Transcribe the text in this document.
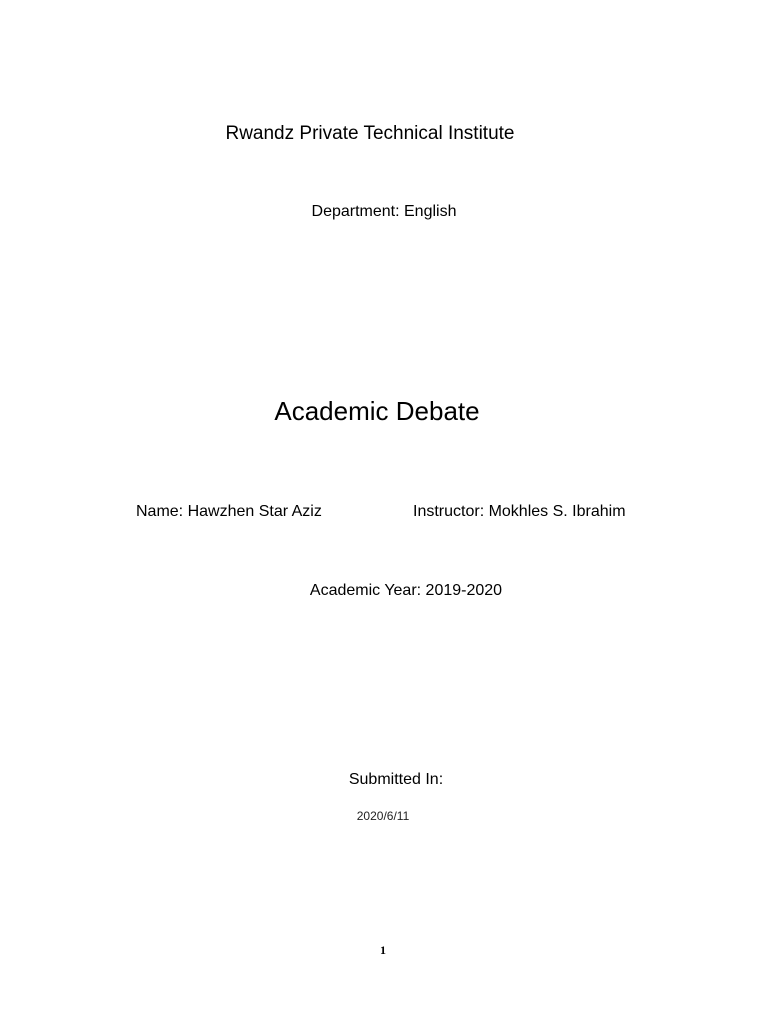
Rwandz Private Technical Institute
Department: English
Academic Debate
Name: Hawzhen Star Aziz	Instructor: Mokhles S. Ibrahim
Academic Year: 2019-2020
Submitted In:
2020/6/11
1
